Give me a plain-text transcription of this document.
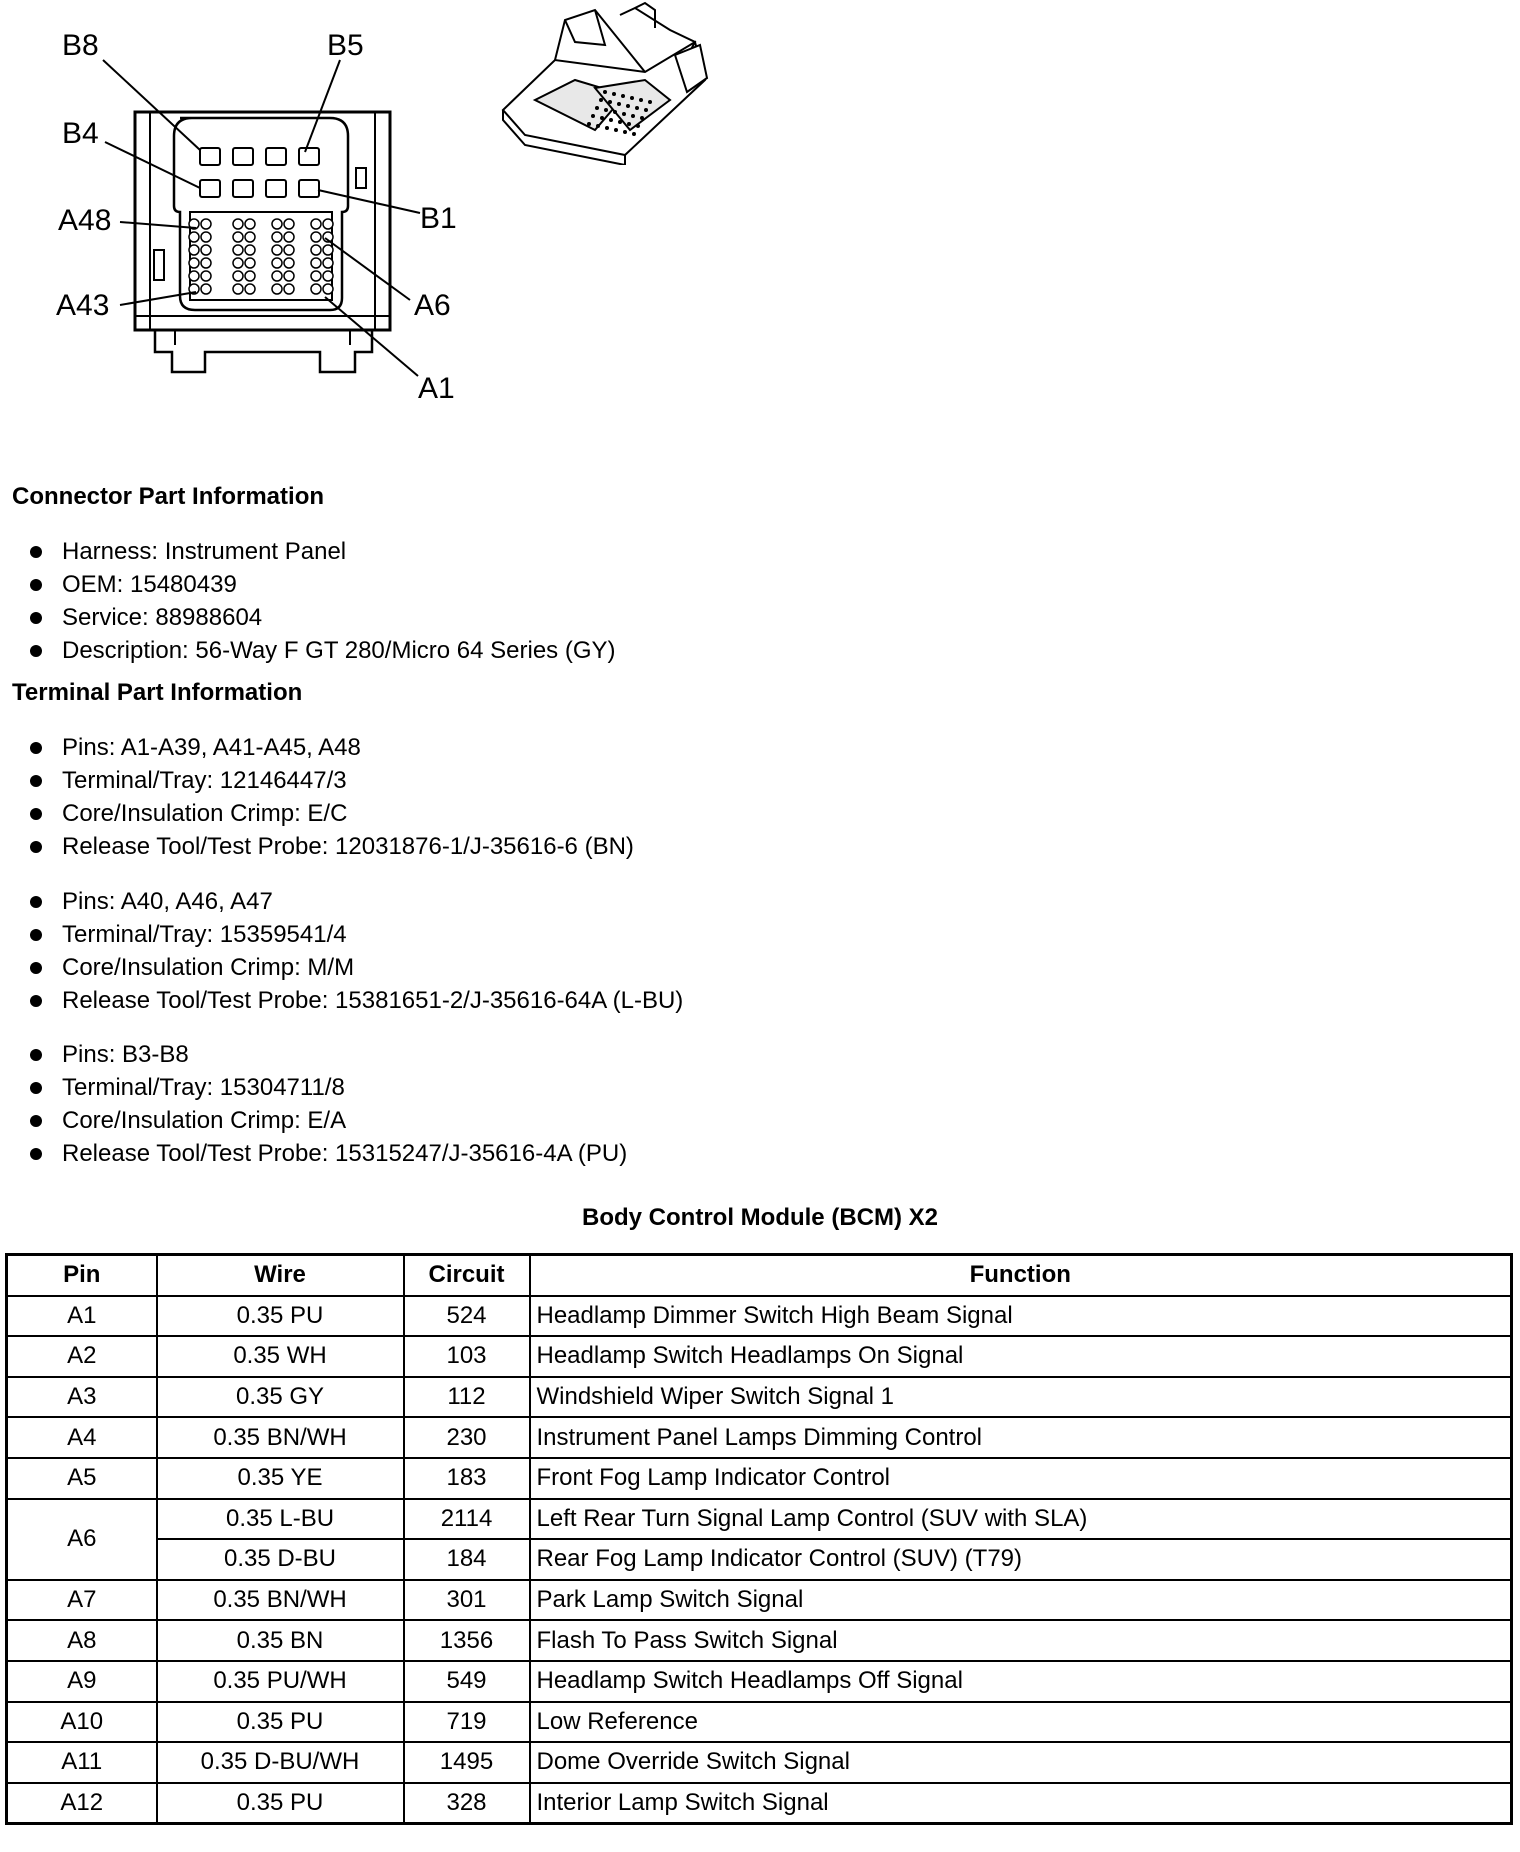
B8	B5
B4
B1
A48
A6
A43
A1
Connector Part Information
Harness: Instrument Panel
OEM: 15480439
Service: 88988604
Description: 56-Way F GT 280/Micro 64 Series (GY)
Terminal Part Information
Pins: A1-A39, A41-A45, A48
Terminal/Tray: 12146447/3
Core/Insulation Crimp: E/C
Release Tool/Test Probe: 12031876-1/J-35616-6 (BN)
Pins: A40, A46, A47
Terminal/Tray: 15359541/4
Core/Insulation Crimp: M/M
Release Tool/Test Probe: 15381651-2/J-35616-64A (L-BU)
Pins: B3-B8
Terminal/Tray: 15304711/8
Core/Insulation Crimp: E/A
Release Tool/Test Probe: 15315247/J-35616-4A (PU)
Body Control Module (BCM) X2
Pin	Wire	Circuit	Function
A1	0.35 PU	524	Headlamp Dimmer Switch High Beam Signal
A2	0.35 WH	103	Headlamp Switch Headlamps On Signal
A3	0.35 GY	112	Windshield Wiper Switch Signal 1
A4	0.35 BN/WH	230	Instrument Panel Lamps Dimming Control
A5	0.35 YE	183	Front Fog Lamp Indicator Control
A6	0.35 L-BU	2114	Left Rear Turn Signal Lamp Control (SUV with SLA)
	0.35 D-BU	184	Rear Fog Lamp Indicator Control (SUV) (T79)
A7	0.35 BN/WH	301	Park Lamp Switch Signal
A8	0.35 BN	1356	Flash To Pass Switch Signal
A9	0.35 PU/WH	549	Headlamp Switch Headlamps Off Signal
A10	0.35 PU	719	Low Reference
A11	0.35 D-BU/WH	1495	Dome Override Switch Signal
A12	0.35 PU	328	Interior Lamp Switch Signal
